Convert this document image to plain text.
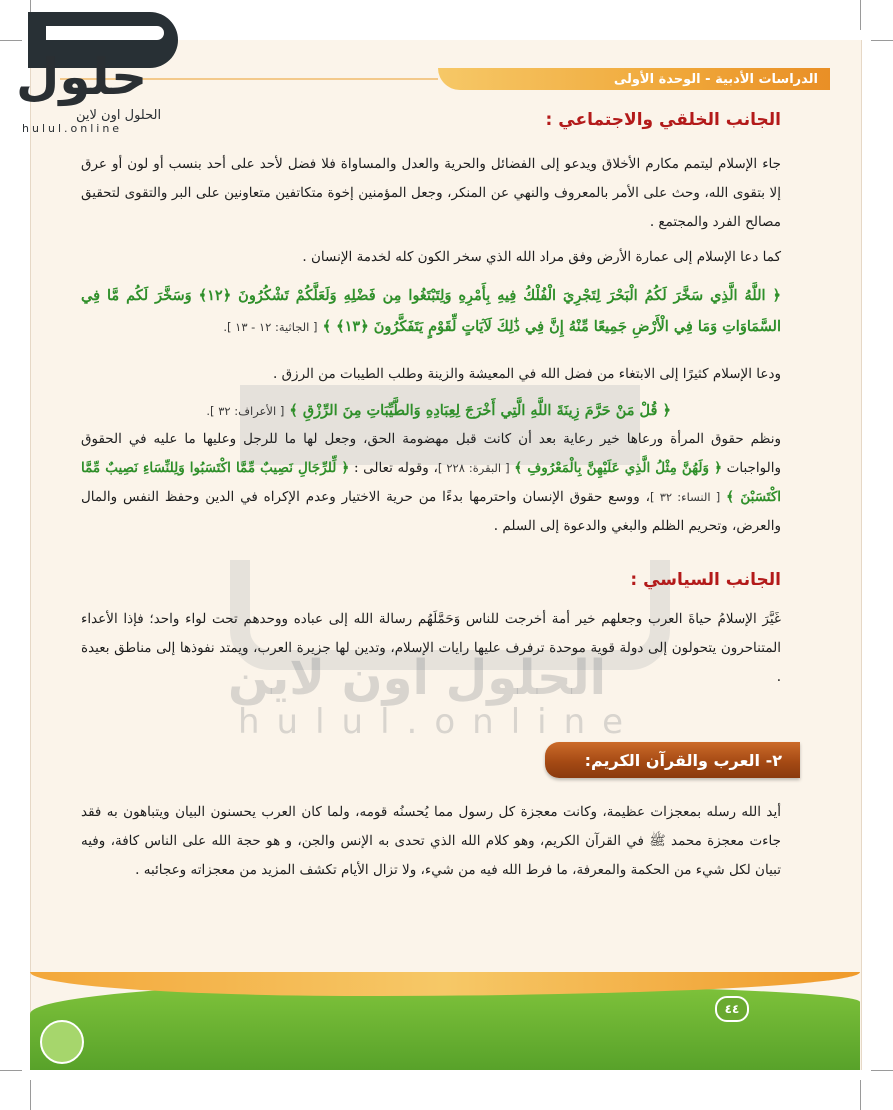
الدراسات الأدبية - الوحدة الأولى
حلول
الحلول اون لاين
hulul.online
الحلول اون لاين
hulul.online
الجانب الخلقي والاجتماعي :
جاء الإسلام ليتمم مكارم الأخلاق ويدعو إلى الفضائل والحرية والعدل والمساواة فلا فضل لأحد على أحد بنسب أو لون أو عرق إلا بتقوى الله، وحث على الأمر بالمعروف والنهي عن المنكر، وجعل المؤمنين إخوة متكاتفين متعاونين على البر والتقوى لتحقيق مصالح الفرد والمجتمع .
كما دعا الإسلام إلى عمارة الأرض وفق مراد الله الذي سخر الكون كله لخدمة الإنسان .
﴿ اللَّهُ الَّذِي سَخَّرَ لَكُمُ الْبَحْرَ لِتَجْرِيَ الْفُلْكُ فِيهِ بِأَمْرِهِ وَلِتَبْتَغُوا مِن فَضْلِهِ وَلَعَلَّكُمْ تَشْكُرُونَ ﴿١٢﴾ وَسَخَّرَ لَكُم مَّا فِي السَّمَاوَاتِ وَمَا فِي الْأَرْضِ جَمِيعًا مِّنْهُ إِنَّ فِي ذَٰلِكَ لَآيَاتٍ لِّقَوْمٍ يَتَفَكَّرُونَ ﴿١٣﴾ ﴾ [ الجاثية: ١٢ - ١٣ ].
ودعا الإسلام كثيرًا إلى الابتغاء من فضل الله في المعيشة والزينة وطلب الطيبات من الرزق .
﴿ قُلْ مَنْ حَرَّمَ زِينَةَ اللَّهِ الَّتِي أَخْرَجَ لِعِبَادِهِ وَالطَّيِّبَاتِ مِنَ الرِّزْقِ ﴾ [ الأعراف: ٣٢ ].
ونظم حقوق المرأة ورعاها خير رعاية بعد أن كانت قبل مهضومة الحق، وجعل لها ما للرجل وعليها ما عليه في الحقوق والواجبات ﴿ وَلَهُنَّ مِثْلُ الَّذِي عَلَيْهِنَّ بِالْمَعْرُوفِ ﴾ [ البقرة: ٢٢٨ ]، وقوله تعالى : ﴿ لِّلرِّجَالِ نَصِيبٌ مِّمَّا اكْتَسَبُوا وَلِلنِّسَاءِ نَصِيبٌ مِّمَّا اكْتَسَبْنَ ﴾ [ النساء: ٣٢ ]، ووسع حقوق الإنسان واحترمها بدءًا من حرية الاختيار وعدم الإكراه في الدين وحفظ النفس والمال والعرض، وتحريم الظلم والبغي والدعوة إلى السلم .
الجانب السياسي :
غَيَّرَ الإسلامُ حياةَ العرب وجعلهم خير أمة أخرجت للناس وَحَمَّلَهُم رسالة الله إلى عباده ووحدهم تحت لواء واحد؛ فإذا الأعداء المتناحرون يتحولون إلى دولة قوية موحدة ترفرف عليها رايات الإسلام، وتدين لها جزيرة العرب، ويمتد نفوذها إلى مناطق بعيدة .
٢- العرب والقرآن الكريم:
أيد الله رسله بمعجزات عظيمة، وكانت معجزة كل رسول مما يُحسنُه قومه، ولما كان العرب يحسنون البيان ويتباهون به فقد جاءت معجزة محمد ﷺ في القرآن الكريم، وهو كلام الله الذي تحدى به الإنس والجن، و هو حجة الله على الناس كافة، وفيه تبيان لكل شيء من الحكمة والمعرفة، ما فرط الله فيه من شيء، ولا تزال الأيام تكشف المزيد من معجزاته وعجائبه .
٤٤
